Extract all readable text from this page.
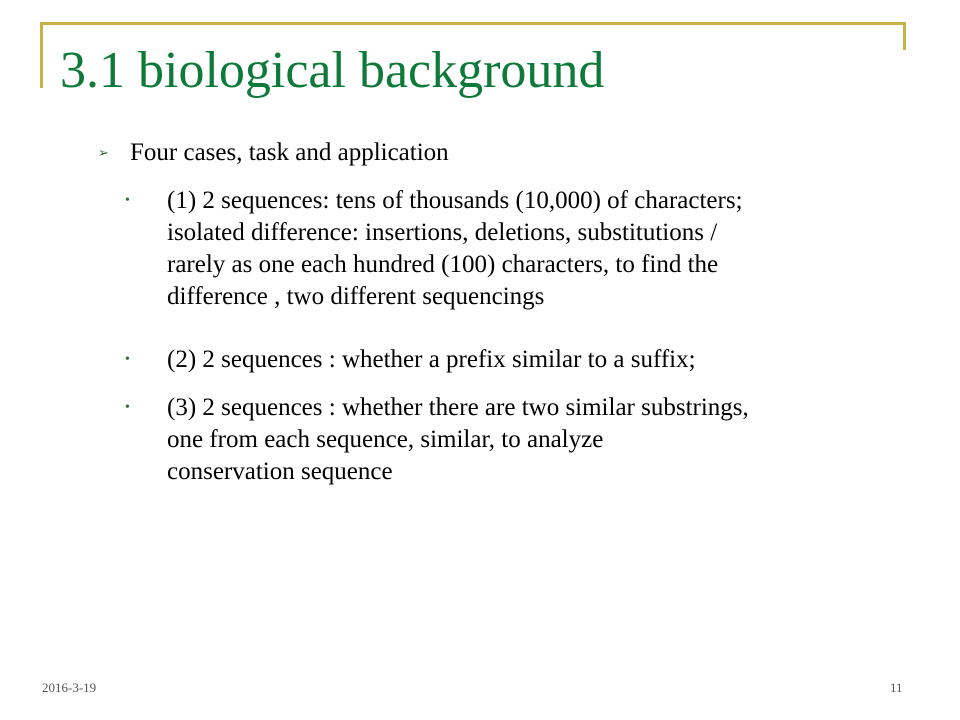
3.1 biological background
➢ Four cases, task and application
• (1) 2 sequences: tens of thousands (10,000) of characters;
isolated difference: insertions, deletions, substitutions /
rarely as one each hundred (100) characters, to find the
difference , two different sequencings
• (2) 2 sequences : whether a prefix similar to a suffix;
• (3) 2 sequences : whether there are two similar substrings,
one from each sequence, similar, to analyze
conservation sequence
2016-3-19	11
